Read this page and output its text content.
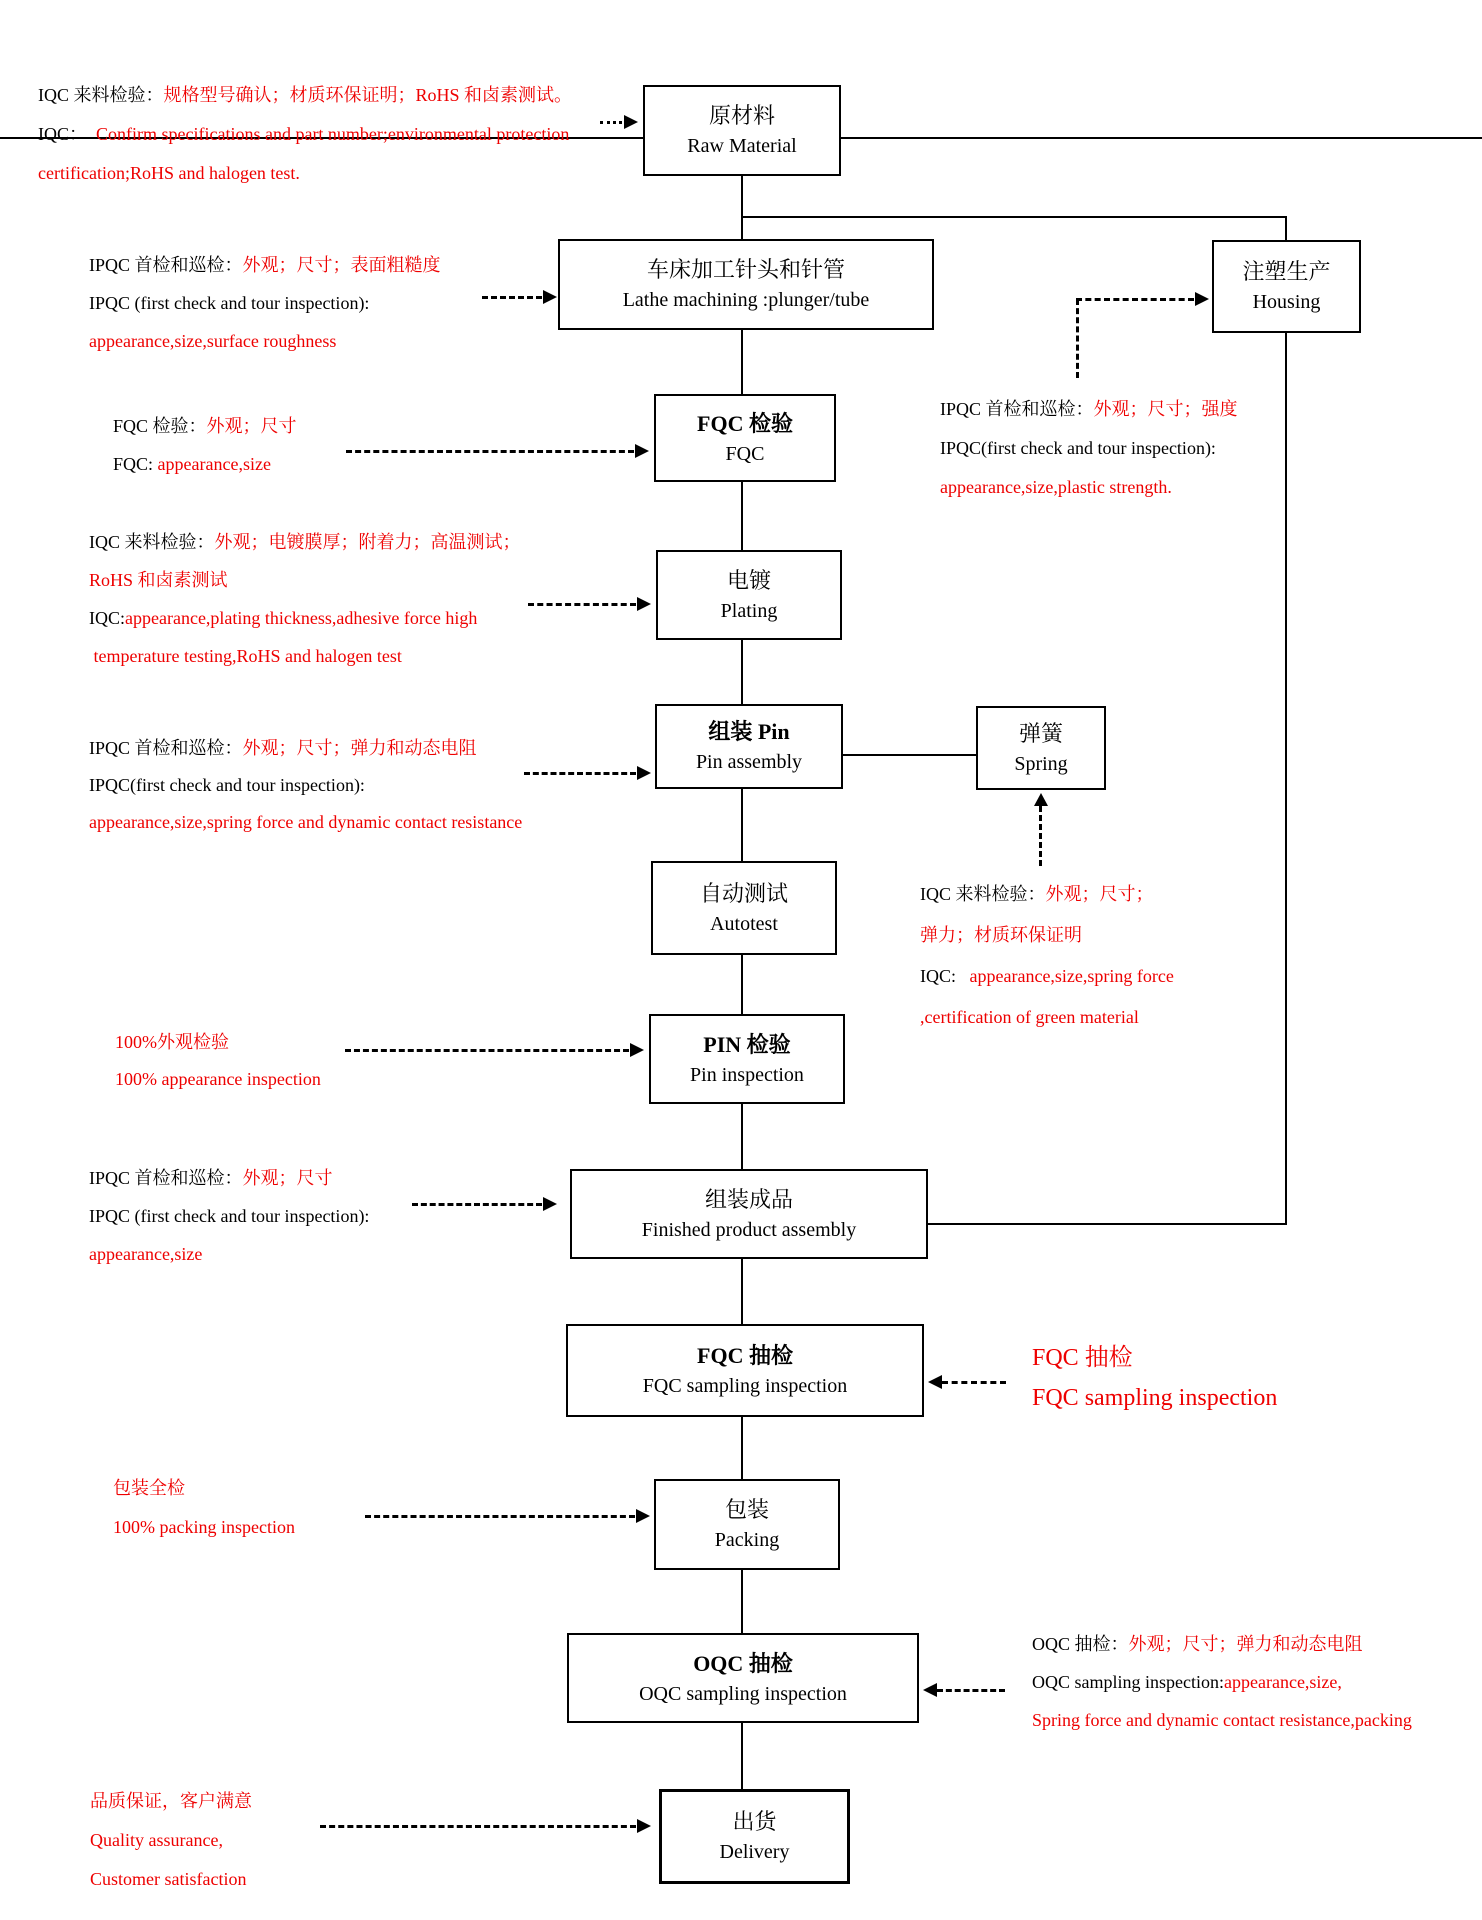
原材料
Raw Material
车床加工针头和针管
Lathe machining :plunger/tube
注塑生产
Housing
FQC 检验
FQC
电镀
Plating
组装 Pin
Pin assembly
弹簧
Spring
自动测试
Autotest
PIN 检验
Pin inspection
组装成品
Finished product assembly
FQC 抽检
FQC sampling inspection
包装
Packing
OQC 抽检
OQC sampling inspection
出货
Delivery
IQC 来料检验：规格型号确认；材质环保证明；RoHS 和卤素测试。
IQC：  Confirm specifications and part number;environmental protection
certification;RoHS and halogen test.
IPQC 首检和巡检：外观；尺寸；表面粗糙度
IPQC (first check and tour inspection):
appearance,size,surface roughness
IPQC 首检和巡检：外观；尺寸；强度
IPQC(first check and tour inspection):
appearance,size,plastic strength.
FQC 检验：外观；尺寸
FQC: appearance,size
IQC 来料检验：外观；电镀膜厚；附着力；高温测试；
RoHS 和卤素测试
IQC:appearance,plating thickness,adhesive force high
temperature testing,RoHS and halogen test
IPQC 首检和巡检：外观；尺寸；弹力和动态电阻
IPQC(first check and tour inspection):
appearance,size,spring force and dynamic contact resistance
IQC 来料检验：外观；尺寸；
弹力；材质环保证明
IQC:   appearance,size,spring force
,certification of green material
100%外观检验
100% appearance inspection
IPQC 首检和巡检：外观；尺寸
IPQC (first check and tour inspection):
appearance,size
FQC 抽检
FQC sampling inspection
包装全检
100% packing inspection
OQC 抽检：外观；尺寸；弹力和动态电阻
OQC sampling inspection:appearance,size,
Spring force and dynamic contact resistance,packing
品质保证，客户满意
Quality assurance,
Customer satisfaction
